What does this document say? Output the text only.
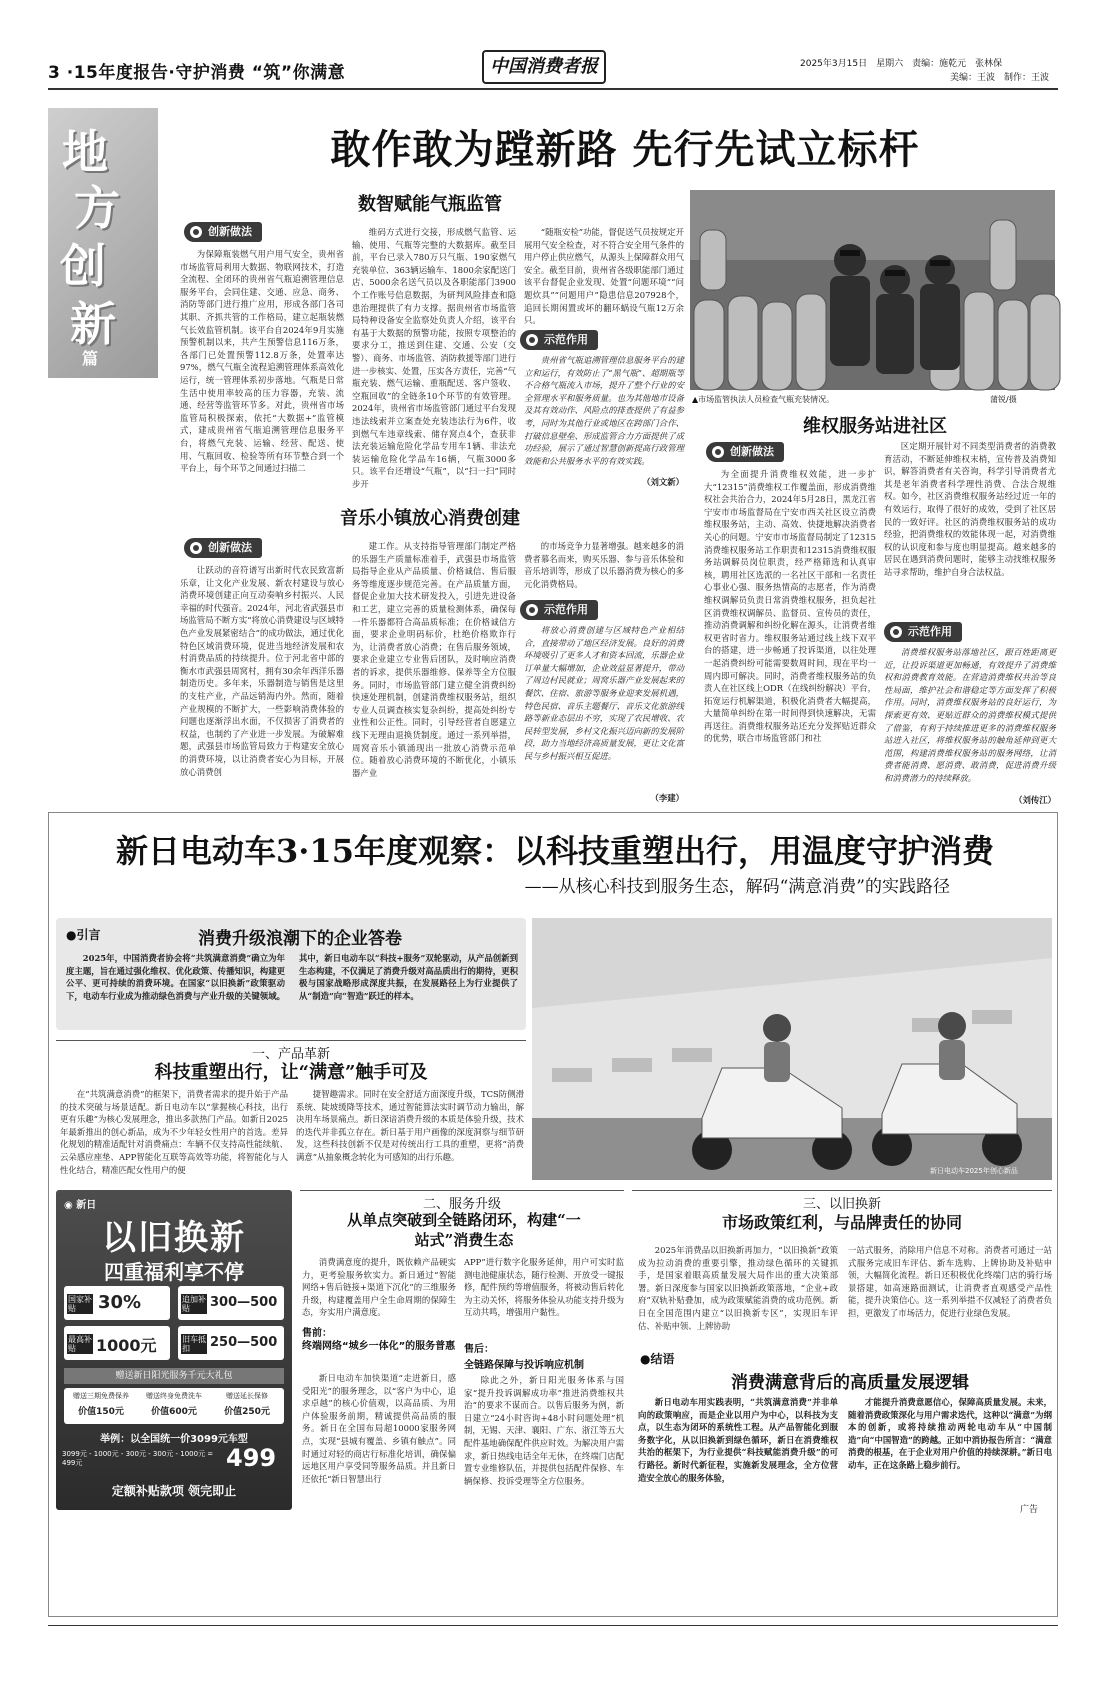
3 ·15年度报告·守护消费 “筑”你满意	中国消费者报	2025年3月15日　星期六　责编：施乾元　张林保
美编：王波　制作：王波
地
方
创
新
篇
敢作敢为蹚新路 先行先试立标杆
数智赋能气瓶监管
创新做法
为保障瓶装燃气用户用气安全，贵州省市场监管局利用大数据、物联网技术，打造全流程、全闭环的贵州省气瓶追溯管理信息服务平台，会同住建、交通、应急、商务、消防等部门进行推广应用，形成各部门各司其职、齐抓共管的工作格局，建立起瓶装燃气长效监管机制。该平台自2024年9月实施预警机制以来，共产生预警信息116万条，各部门已处置预警112.8万条，处置率达97%，燃气气瓶全流程追溯管理体系高效化运行，统一管理体系初步落地。气瓶是日常生活中使用率较高的压力容器，充装、流通、经营等监管环节多。对此，贵州省市场监管局积极探索，依托“大数据+”监管模式，建成贵州省气瓶追溯管理信息服务平台，将燃气充装、运输、经营、配送、使用、气瓶回收、检验等所有环节整合到一个平台上，每个环节之间通过扫描二
维码方式进行交接，形成燃气监管、运输、使用、气瓶等完整的大数据库。截至目前，平台已录入780万只气瓶、190家燃气充装单位、363辆运输车、1800余家配送门店、5000余名送气员以及各职能部门3900个工作账号信息数据，为研判风险排查和隐患治理提供了有力支撑。据贵州省市场监管局特种设备安全监察处负责人介绍，该平台有基于大数据的预警功能，按照专项整治的要求分工，推送到住建、交通、公安（交警）、商务、市场监管、消防救援等部门进行进一步核实、处置，压实各方责任，完善“气瓶充装、燃气运输、重瓶配送、客户签收、空瓶回收”的全链条10个环节的有效管理。2024年，贵州省市场监管部门通过平台发现违法线索并立案查处充装违法行为6件，收到燃气车违章线索、储存窝点4个，查获非法充装运输危险化学品专用车1辆、非法充装运输危险化学品车16辆，气瓶3000多只。该平台还增设“气瓶”，以“扫一扫”同时步开
“随瓶安检”功能，督促送气员按规定开展用气安全检查，对不符合安全用气条件的用户停止供应燃气，从源头上保障群众用气安全。截至目前，贵州省各级职能部门通过该平台督促企业发现、处置“问题环境”“问题炊具”“问题用户”隐患信息207928个，追回长期闲置或坏的翻环蜗设气瓶12万余只。
示范作用
贵州省气瓶追溯管理信息服务平台的建立和运行，有效防止了“黑气瓶”、超期瓶等不合格气瓶流入市场，提升了整个行业的安全管理水平和服务质量。也为其他地市设备及其有效动作、风险点的排查提供了有益参考，同时为其他行业或地区在跨部门合作、打破信息壁垒、形成监管合力方面提供了成功经验，展示了通过智慧创新提高行政管理效能和公共服务水平的有效实践。
（刘文新）
▲市场监管执法人员检查气瓶充装情况。	蒲锐/摄
维权服务站进社区
创新做法
为全面提升消费维权效能，进一步扩大“12315”消费维权工作覆盖面，形成消费维权社会共治合力，2024年5月28日，黑龙江省宁安市市场监督局在宁安市西关社区设立消费维权服务站，主动、高效、快捷地解决消费者关心的问题。宁安市市场监督局制定了12315消费维权服务站工作职责和12315消费维权服务站调解员岗位职责，经严格筛选和认真审核，聘用社区选派的一名社区干部和一名责任心事业心强、服务热情高的志愿者，作为消费维权调解员负责日常消费维权服务，担负起社区消费维权调解员、监督员、宣传员的责任，推动消费调解和纠纷化解在源头，让消费者维权更省时省力。维权服务站通过线上线下双平台的搭建，进一步畅通了投诉渠道，以往处理一起消费纠纷可能需要数周时间，现在平均一周内即可解决。同时，消费者维权服务站的负责人在社区线上ODR（在线纠纷解决）平台，拓宽运行机解渠道，积极化消费者大幅提高，大量简单纠纷在第一时间得到快速解决，无需再送往。消费维权服务站还充分发挥贴近群众的优势，联合市场监管部门和社
区定期开展针对不同类型消费者的消费教育活动，不断延伸维权末梢，宣传普及消费知识，解答消费者有关咨询，科学引导消费者尤其是老年消费者科学理性消费、合法合规维权。如今，社区消费维权服务站经过近一年的有效运行，取得了很好的成效，受到了社区居民的一致好评。社区的消费维权服务站的成功经验，把消费维权的效能体现一起，对消费维权的认识度和参与度也明显提高。越来越多的居民在遇到消费问题时，能够主动找维权服务站寻求帮助，维护自身合法权益。
示范作用
消费维权服务站落地社区，跟百姓距离更近，让投诉渠道更加畅通，有效提升了消费维权和消费教育效能。在营造消费维权共治等良性局面，维护社会和谐稳定等方面发挥了积极作用。同时，消费维权服务站的良好运行，为探索更有效、更贴近群众的消费维权模式提供了借鉴，有利于持续推进更多的消费维权服务站进入社区，将维权服务站的触角延伸到更大范围，构建消费维权服务站的服务网络，让消费者能消费、愿消费、敢消费，促进消费升级和消费潜力的持续释放。
（刘传江）
音乐小镇放心消费创建
创新做法
让跃动的音符谱写出新时代农民致富新乐章，让文化产业发展、新农村建设与放心消费环境创建正向互动奏响乡村振兴、人民幸福的时代强音。2024年，河北省武强县市场监管局不断方实“将放心消费建设与区域特色产业发展紧密结合”的成功做法，通过优化特色区域消费环境，促进当地经济发展和农村消费品质的持续提升。位于河北省中部的衡水市武强县周窝村，拥有30余年西洋乐器制造历史。多年来，乐器制造与销售是这里的支柱产业，产品远销海内外。然而，随着产业规模的不断扩大，一些影响消费体验的问题也逐渐浮出水面，不仅损害了消费者的权益，也制约了产业进一步发展。为破解难题，武强县市场监管局致力于构建安全放心的消费环境，以让消费者安心为目标，开展放心消费创
建工作。从支持指导管理部门制定严格的乐器生产质量标准着手，武强县市场监管局指导企业从产品质量、价格诚信、售后服务等维度逐步规范完善。在产品质量方面，督促企业加大技术研发投入，引进先进设备和工艺，建立完善的质量检测体系，确保每一件乐器都符合高品质标准；在价格诚信方面，要求企业明码标价，杜绝价格欺诈行为，让消费者放心消费；在售后服务领域，要求企业建立专业售后团队，及时响应消费者的诉求，提供乐器维修、保养等全方位服务。同时，市场监管部门建立健全消费纠纷快速处理机制，创建消费维权服务站，组织专业人员调查核实复杂纠纷，提高处纠纷专业性和公正性。同时，引导经营者自愿建立线下无理由退换货制度。通过一系列举措，周窝音乐小镇涌现出一批放心消费示范单位。随着放心消费环境的不断优化，小镇乐器产业
的市场竞争力显著增强。越来越多的消费者慕名而来，购买乐器、参与音乐体验和音乐培训等，形成了以乐器消费为核心的多元化消费格局。
示范作用
将放心消费创建与区域特色产业相结合，直接带动了地区经济发展。良好的消费环境吸引了更多人才和资本回流，乐器企业订单量大幅增加，企业效益显著提升，带动了周边村民就业；周窝乐器产业发展起来的餐饮、住宿、旅游等服务业迎来发展机遇，特色民宿、音乐主题餐厅、音乐文化旅游线路等新业态层出不穷，实现了农民增收、农民转型发展，乡村文化振兴迈向新的发展阶段，助力当地经济高质量发展，更让文化富民与乡村振兴相互促进。
（李建）
新日电动车3·15年度观察：以科技重塑出行，用温度守护消费
——从核心科技到服务生态，解码“满意消费”的实践路径
●引言	消费升级浪潮下的企业答卷
2025年，中国消费者协会将“共筑满意消费”确立为年度主题，旨在通过强化维权、优化政策、传播知识，构建更公平、更可持续的消费环境。在国家“以旧换新”政策驱动下，电动车行业成为推动绿色消费与产业升级的关键领域。其中，新日电动车以“科技+服务”双轮驱动，从产品创新到生态构建，不仅满足了消费升级对高品质出行的期待，更积极与国家战略形成深度共振，在发展路径上为行业提供了从“制造”向“智造”跃迁的样本。
一、产品革新
科技重塑出行，让“满意”触手可及
在“共筑满意消费”的框架下，消费者需求的提升始于产品的技术突破与场景适配。新日电动车以“掌握核心科技，出行更有乐趣”为核心发展理念，推出多款热门产品。如新日2025年最新推出的创心新品，成为不少年轻女性用户的首选。差异化规划的精准适配针对消费痛点：车辆不仅支持高性能续航、云朵感应座垫、APP智能化互联等高效等功能，将智能化与人性化结合，精准匹配女性用户的便
捷智趣需求。同时在安全舒适方面深度升级，TCS防侧滑系统、陡坡缓降等技术，通过智能算法实时调节动力输出，解决用车场景痛点。新日深谙消费升级的本质是体验升级，技术的迭代并非孤立存在。新日基于用户画像的深度洞察与细节研发，这些科技创新不仅是对传统出行工具的重塑，更将“消费满意”从抽象概念转化为可感知的出行乐趣。
新日电动车2025年创心新品
◉ 新日
以旧换新
四重福利享不停
国家补贴	30%	追加补贴	300—500
最高补贴	1000元	旧车抵扣	250—500
赠送新日阳光服务千元大礼包
赠送三期免费保养
价值150元
赠送终身免费洗车
价值600元
赠送延长保修
价值250元
举例：以全国统一价3099元车型
3099元 - 1000元 - 300元 - 300元 - 1000元 = 499元	499
定额补贴款项 领完即止
二、服务升级
从单点突破到全链路闭环，构建“一站式”消费生态
消费满意度的提升，既依赖产品硬实力，更考验服务软实力。新日通过“智能网络+售后链接+渠道下沉化”的三维服务升级，构建覆盖用户全生命周期的保障生态，夯实用户满意度。
售前：
终端网络“城乡一体化”的服务普惠
新日电动车加快渠道“走进新日，感受阳光”的服务理念，以“客户为中心，追求卓越”的核心价值观，以高品质、为用户体验服务前期，精诚提供高品质的服务。新日在全国布局超10000家服务网点，实现“县城有覆盖、乡镇有触点”。同时通过对轻的商店行标准化培训，确保偏远地区用户享受同等服务品质。并且新日还依托“新日智慧出行
APP”进行数字化服务延伸，用户可实时监测电池健康状态，随行检测、开放受一键报修，配件预约等增值服务，将被动售后转化为主动关怀，将服务体验从功能支持升级为互动共鸣，增强用户黏性。
售后：
全链路保障与投诉响应机制
除此之外，新日阳光服务体系与国家“提升投诉调解成功率”推进消费维权共治“的要求不谋而合。以售后服务为例，新日建立“24小时咨询+48小时问题处理”机制，无锡、天津、襄阳、广东、浙江等五大配件基地确保配件供应时效。为解决用户需求，新日热线电话全年无休，在终端门店配置专业维修队伍，并提供包括配件保修、车辆保修、投诉受理等全方位服务。
三、以旧换新
市场政策红利，与品牌责任的协同
2025年消费品以旧换新再加力，“以旧换新”政策成为拉动消费的重要引擎，推动绿色循环的关键抓手，是国家着眼高质量发展大局作出的重大决策部署。新日深度参与国家以旧换新政策落地，“企业+政府”双轨补贴叠加，成为政策赋能消费的成功范例。新日在全国范围内建立“以旧换新专区”，实现旧车评估、补贴申领、上牌协助
一站式服务，消除用户信息不对称。消费者可通过一站式服务完成旧车评估、新车选购、上牌协助及补贴申领，大幅简化流程。新日还积极优化终端门店的骑行场景搭建，如高速路面测试，让消费者直观感受产品性能，提升决策信心。这一系列举措不仅减轻了消费者负担，更激发了市场活力，促进行业绿色发展。
●结语
消费满意背后的高质量发展逻辑
新日电动车用实践表明，“共筑满意消费”并非单向的政策响应，而是企业以用户为中心，以科技为支点，以生态为闭环的系统性工程。从产品智能化到服务数字化，从以旧换新到绿色循环，新日在消费维权共治的框架下，为行业提供“科技赋能消费升级”的可行路径。新时代新征程，实施新发展理念，全方位营造安全放心的服务体验，
才能提升消费意愿信心，保障高质量发展。未来，随着消费政策深化与用户需求迭代，这种以“满意”为纲本的创新，或将持续推动两轮电动车从“中国制造”向“中国智造”的跨越。正如中消协报告所言：“满意消费的根基，在于企业对用户价值的持续深耕。”新日电动车，正在这条路上稳步前行。
广告
